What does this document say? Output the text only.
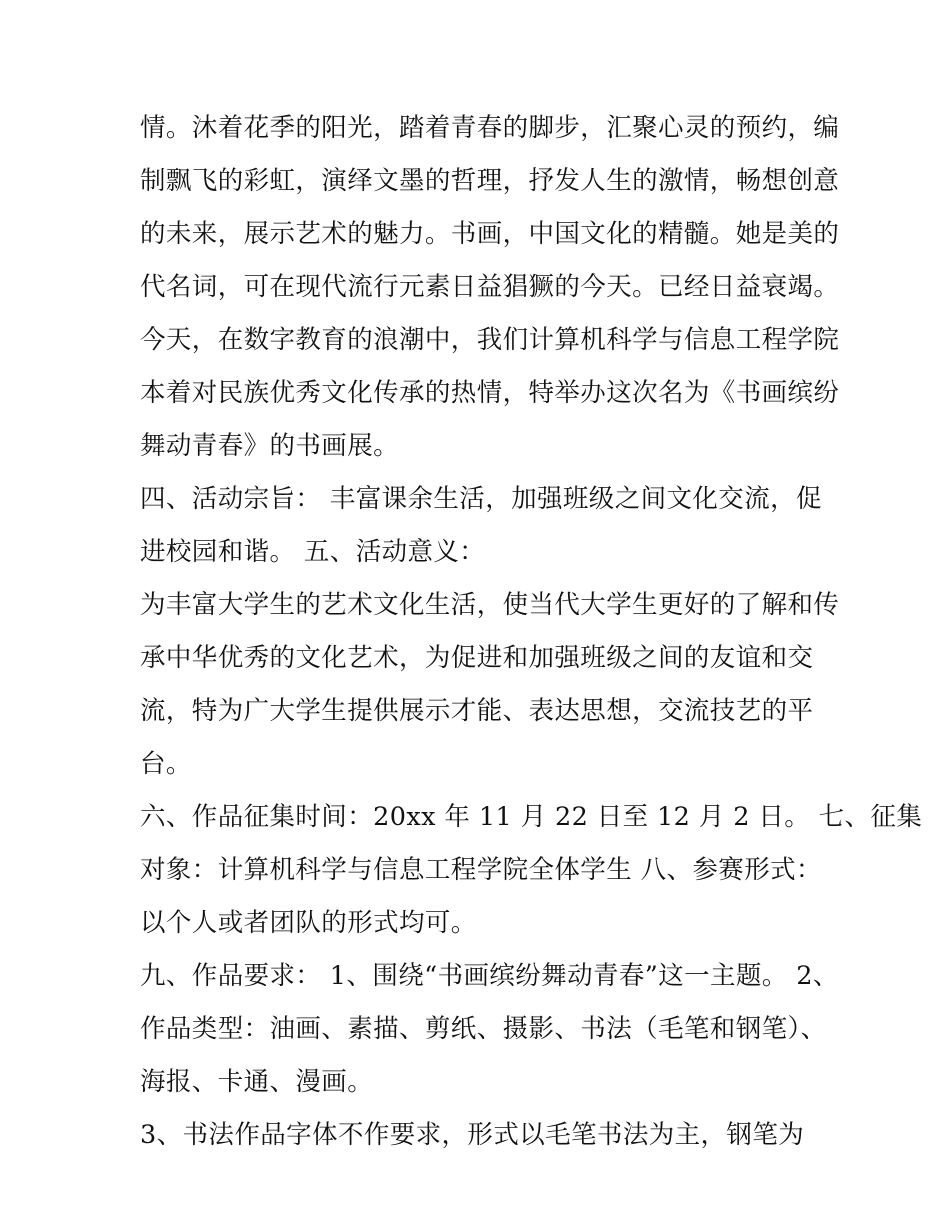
情。沐着花季的阳光，踏着青春的脚步，汇聚心灵的预约，编
制飘飞的彩虹，演绎文墨的哲理，抒发人生的激情，畅想创意
的未来，展示艺术的魅力。书画，中国文化的精髓。她是美的
代名词，可在现代流行元素日益猖獗的今天。已经日益衰竭。
今天，在数字教育的浪潮中，我们计算机科学与信息工程学院
本着对民族优秀文化传承的热情，特举办这次名为《书画缤纷
舞动青春》的书画展。
四、活动宗旨： 丰富课余生活，加强班级之间文化交流，促
进校园和谐。 五、活动意义：
为丰富大学生的艺术文化生活，使当代大学生更好的了解和传
承中华优秀的文化艺术，为促进和加强班级之间的友谊和交
流，特为广大学生提供展示才能、表达思想，交流技艺的平
台。
六、作品征集时间：20xx 年 11 月 22 日至 12 月 2 日。 七、征集
对象：计算机科学与信息工程学院全体学生 八、参赛形式：
以个人或者团队的形式均可。
九、作品要求： 1、围绕“书画缤纷舞动青春”这一主题。 2、
作品类型：油画、素描、剪纸、摄影、书法（毛笔和钢笔）、
海报、卡通、漫画。
3、书法作品字体不作要求，形式以毛笔书法为主，钢笔为
